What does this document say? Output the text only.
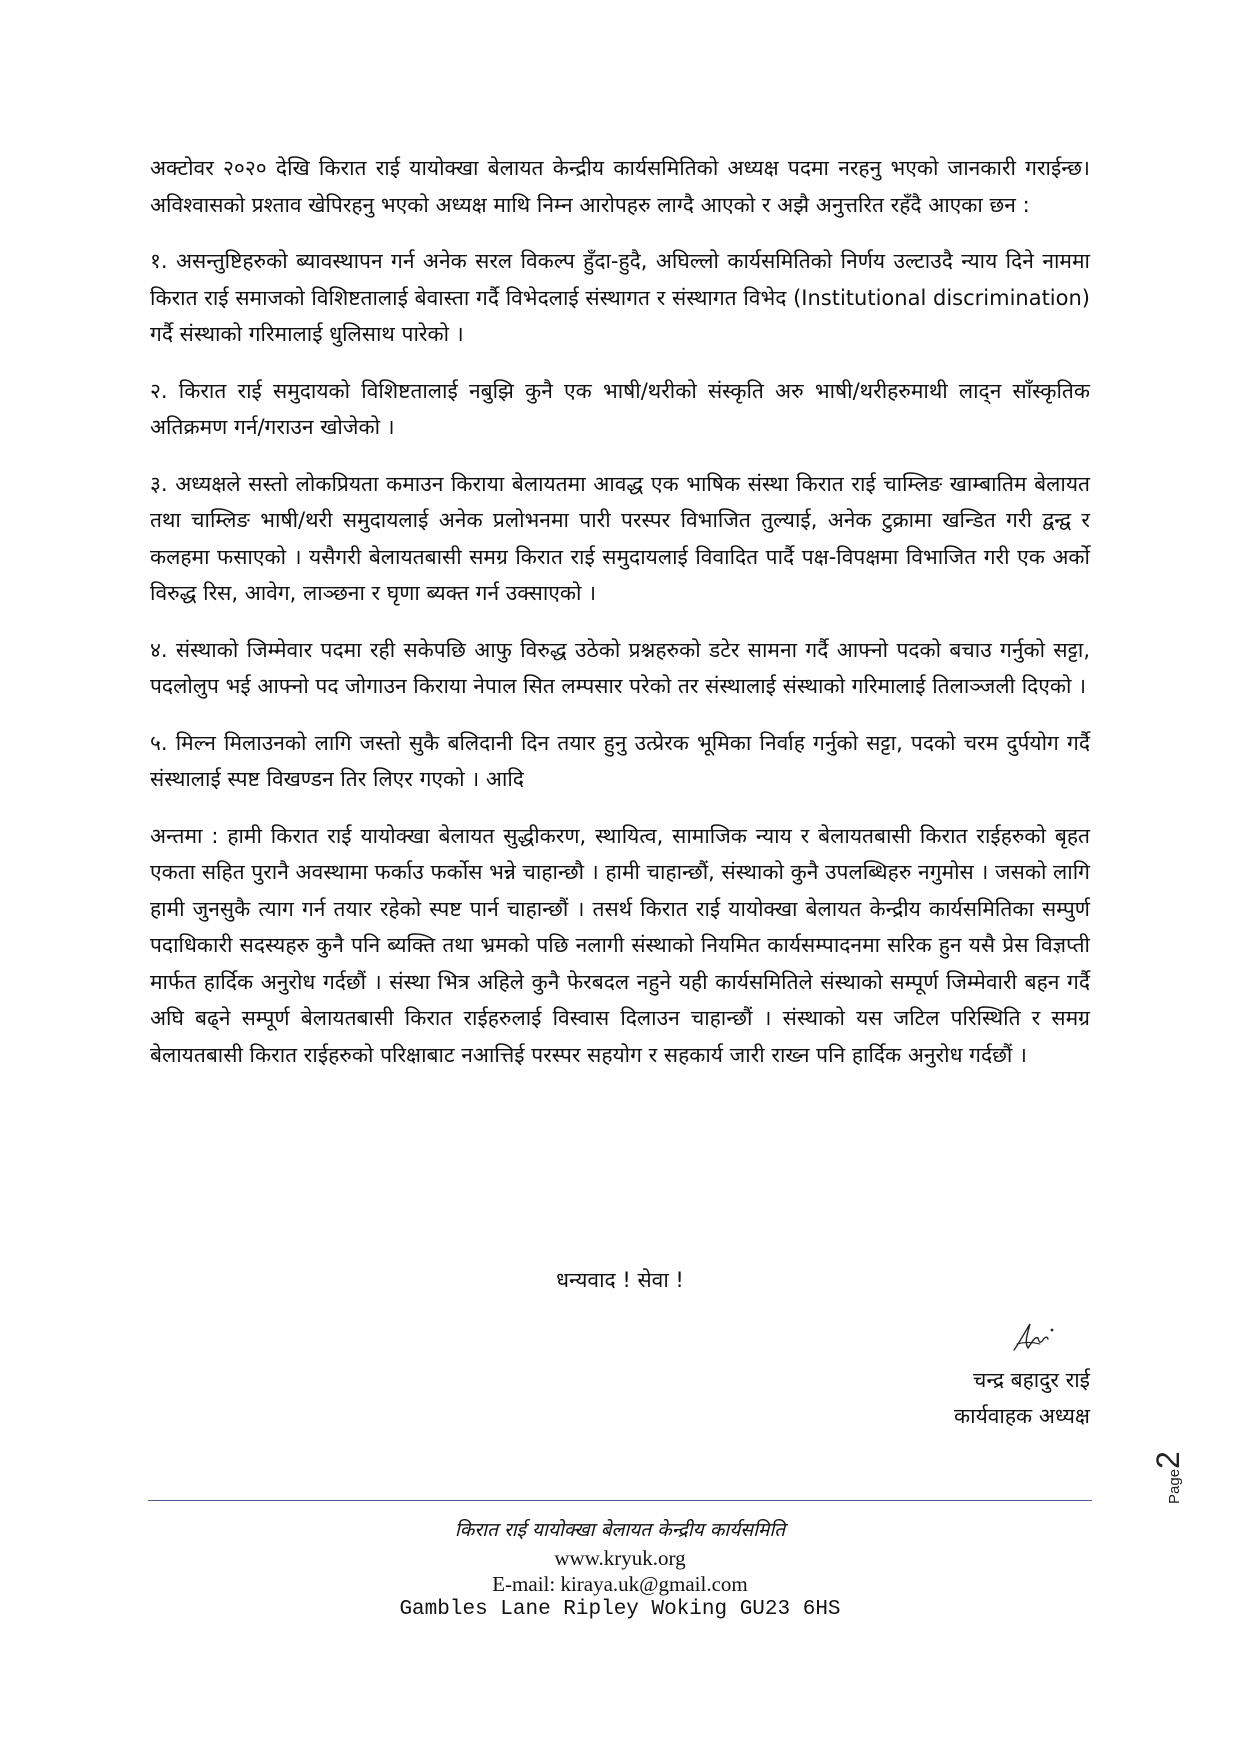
अक्टोवर २०२० देखि किरात राई यायोक्खा बेलायत केन्द्रीय कार्यसमितिको अध्यक्ष पदमा नरहनु भएको जानकारी गराईन्छ। अविश्वासको प्रश्ताव खेपिरहनु भएको अध्यक्ष माथि निम्न आरोपहरु लाग्दै आएको र अझै अनुत्तरित रहँदै आएका छन :

१. असन्तुष्टिहरुको ब्यावस्थापन गर्न अनेक सरल विकल्प हुँदा-हुदै, अघिल्लो कार्यसमितिको निर्णय उल्टाउदै न्याय दिने नाममा किरात राई समाजको विशिष्टतालाई बेवास्ता गर्दै विभेदलाई संस्थागत र संस्थागत विभेद (Institutional discrimination) गर्दै संस्थाको गरिमालाई धुलिसाथ पारेको ।

२. किरात राई समुदायको विशिष्टतालाई नबुझि कुनै एक भाषी/थरीको संस्कृति अरु भाषी/थरीहरुमाथी लाद्न साँस्कृतिक अतिक्रमण गर्न/गराउन खोजेको ।

३. अध्यक्षले सस्तो लोकप्रियता कमाउन किराया बेलायतमा आवद्ध एक भाषिक संस्था किरात राई चाम्लिङ खाम्बातिम बेलायत तथा चाम्लिङ भाषी/थरी समुदायलाई अनेक प्रलोभनमा पारी परस्पर विभाजित तुल्याई, अनेक टुक्रामा खन्डित गरी द्वन्द्व र कलहमा फसाएको । यसैगरी बेलायतबासी समग्र किरात राई समुदायलाई विवादित पार्दै पक्ष-विपक्षमा विभाजित गरी एक अर्को विरुद्ध रिस, आवेग, लाञ्छना र घृणा ब्यक्त गर्न उक्साएको ।

४. संस्थाको जिम्मेवार पदमा रही सकेपछि आफु विरुद्ध उठेको प्रश्नहरुको डटेर सामना गर्दै आफ्नो पदको बचाउ गर्नुको सट्टा, पदलोलुप भई आफ्नो पद जोगाउन किराया नेपाल सित लम्पसार परेको तर संस्थालाई संस्थाको गरिमालाई तिलाञ्जली दिएको ।

५. मिल्न मिलाउनको लागि जस्तो सुकै बलिदानी दिन तयार हुनु उत्प्रेरक भूमिका निर्वाह गर्नुको सट्टा, पदको चरम दुर्पयोग गर्दै संस्थालाई स्पष्ट विखण्डन तिर लिएर गएको । आदि

अन्तमा : हामी किरात राई यायोक्खा बेलायत सुद्धीकरण, स्थायित्व, सामाजिक न्याय र बेलायतबासी किरात राईहरुको बृहत एकता सहित पुरानै अवस्थामा फर्काउ फर्कोस भन्ने चाहान्छौ । हामी चाहान्छौं, संस्थाको कुनै उपलब्धिहरु नगुमोस । जसको लागि हामी जुनसुकै त्याग गर्न तयार रहेको स्पष्ट पार्न चाहान्छौं । तसर्थ किरात राई यायोक्खा बेलायत केन्द्रीय कार्यसमितिका सम्पुर्ण पदाधिकारी सदस्यहरु कुनै पनि ब्यक्ति तथा भ्रमको पछि नलागी संस्थाको नियमित कार्यसम्पादनमा सरिक हुन यसै प्रेस विज्ञप्ती मार्फत हार्दिक अनुरोध गर्दछौं । संस्था भित्र अहिले कुनै फेरबदल नहुने यही कार्यसमितिले संस्थाको सम्पूर्ण जिम्मेवारी बहन गर्दै अघि बढ्ने सम्पूर्ण बेलायतबासी किरात राईहरुलाई विस्वास दिलाउन चाहान्छौं । संस्थाको यस जटिल परिस्थिति र समग्र बेलायतबासी किरात राईहरुको परिक्षाबाट नआत्तिई परस्पर सहयोग र सहकार्य जारी राख्न पनि हार्दिक अनुरोध गर्दछौं ।

धन्यवाद ! सेवा !
चन्द्र बहादुर राई
कार्यवाहक अध्यक्ष
Page2
किरात राई यायोक्खा बेलायत केन्द्रीय कार्यसमिति
www.kryuk.org
E-mail: kiraya.uk@gmail.com
Gambles Lane Ripley Woking GU23 6HS
